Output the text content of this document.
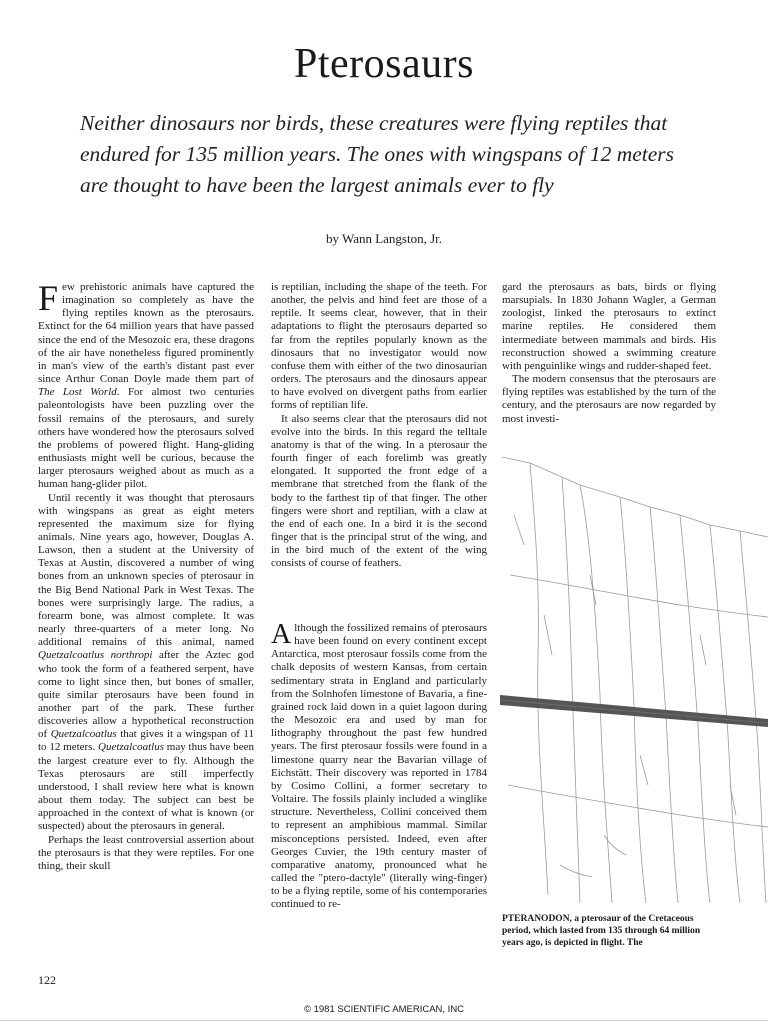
Pterosaurs
Neither dinosaurs nor birds, these creatures were flying reptiles that endured for 135 million years. The ones with wingspans of 12 meters are thought to have been the largest animals ever to fly
by Wann Langston, Jr.

Few prehistoric animals have captured the imagination so completely as have the flying reptiles known as the pterosaurs. Extinct for the 64 million years that have passed since the end of the Mesozoic era, these dragons of the air have nonetheless figured prominently in man's view of the earth's distant past ever since Arthur Conan Doyle made them part of The Lost World. For almost two centuries paleontologists have been puzzling over the fossil remains of the pterosaurs, and surely others have wondered how the pterosaurs solved the problems of powered flight. Hang-gliding enthusiasts might well be curious, because the larger pterosaurs weighed about as much as a human hang-glider pilot.

Until recently it was thought that pterosaurs with wingspans as great as eight meters represented the maximum size for flying animals. Nine years ago, however, Douglas A. Lawson, then a student at the University of Texas at Austin, discovered a number of wing bones from an unknown species of pterosaur in the Big Bend National Park in West Texas. The bones were surprisingly large. The radius, a forearm bone, was almost complete. It was nearly three-quarters of a meter long. No additional remains of this animal, named Quetzalcoatlus northropi after the Aztec god who took the form of a feathered serpent, have come to light since then, but bones of smaller, quite similar pterosaurs have been found in another part of the park. These further discoveries allow a hypothetical reconstruction of Quetzalcoatlus that gives it a wingspan of 11 to 12 meters. Quetzalcoatlus may thus have been the largest creature ever to fly. Although the Texas pterosaurs are still imperfectly understood, I shall review here what is known about them today. The subject can best be approached in the context of what is known (or suspected) about the pterosaurs in general.

Perhaps the least controversial assertion about the pterosaurs is that they were reptiles. For one thing, their skull

is reptilian, including the shape of the teeth. For another, the pelvis and hind feet are those of a reptile. It seems clear, however, that in their adaptations to flight the pterosaurs departed so far from the reptiles popularly known as the dinosaurs that no investigator would now confuse them with either of the two dinosaurian orders. The pterosaurs and the dinosaurs appear to have evolved on divergent paths from earlier forms of reptilian life.

It also seems clear that the pterosaurs did not evolve into the birds. In this regard the telltale anatomy is that of the wing. In a pterosaur the fourth finger of each forelimb was greatly elongated. It supported the front edge of a membrane that stretched from the flank of the body to the farthest tip of that finger. The other fingers were short and reptilian, with a claw at the end of each one. In a bird it is the second finger that is the principal strut of the wing, and in the bird much of the extent of the wing consists of course of feathers.

Although the fossilized remains of pterosaurs have been found on every continent except Antarctica, most pterosaur fossils come from the chalk deposits of western Kansas, from certain sedimentary strata in England and particularly from the Solnhofen limestone of Bavaria, a fine-grained rock laid down in a quiet lagoon during the Mesozoic era and used by man for lithography throughout the past few hundred years. The first pterosaur fossils were found in a limestone quarry near the Bavarian village of Eichstätt. Their discovery was reported in 1784 by Cosimo Collini, a former secretary to Voltaire. The fossils plainly included a winglike structure. Nevertheless, Collini conceived them to represent an amphibious mammal. Similar misconceptions persisted. Indeed, even after Georges Cuvier, the 19th century master of comparative anatomy, pronounced what he called the "ptero-dactyle" (literally wing-finger) to be a flying reptile, some of his contemporaries continued to re-

gard the pterosaurs as bats, birds or flying marsupials. In 1830 Johann Wagler, a German zoologist, linked the pterosaurs to extinct marine reptiles. He considered them intermediate between mammals and birds. His reconstruction showed a swimming creature with penguinlike wings and rudder-shaped feet.

The modern consensus that the pterosaurs are flying reptiles was established by the turn of the century, and the pterosaurs are now regarded by most investi-

PTERANODON, a pterosaur of the Cretaceous period, which lasted from 135 through 64 million years ago, is depicted in flight. The
122
© 1981 SCIENTIFIC AMERICAN, INC
